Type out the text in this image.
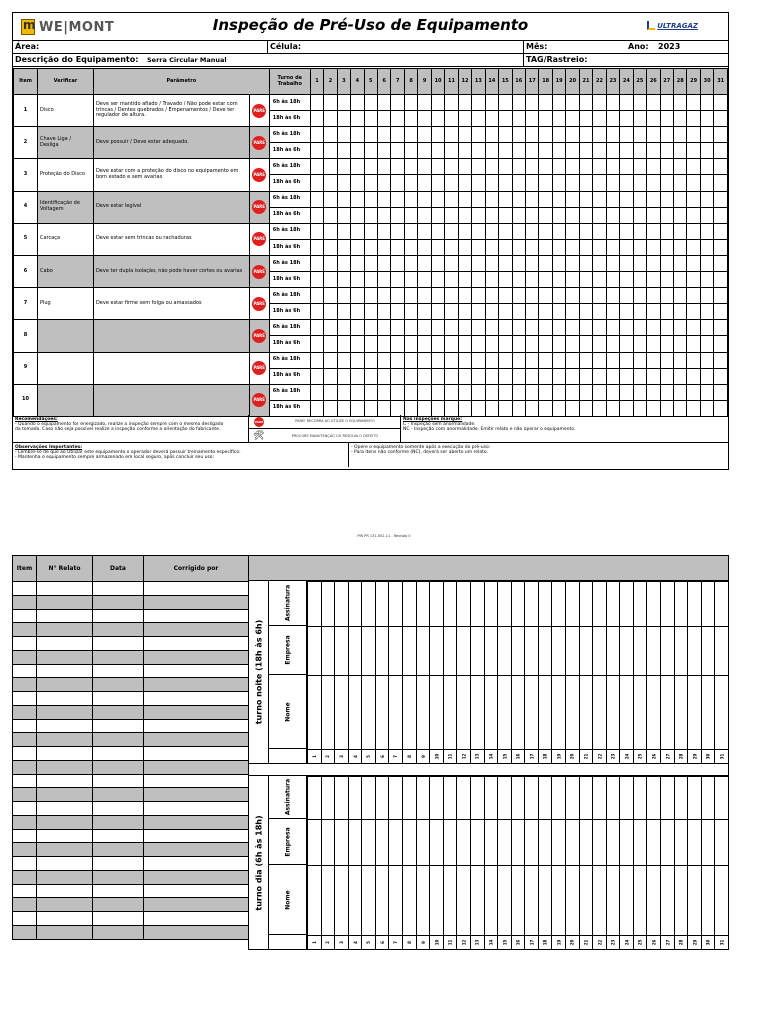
m
WE|MONT	Inspeção de Pré-Uso de Equipamento	ULTRAGAZ
Área:	Célula:	Mês:	Ano: 2023
Descrição do Equipamento:	Serra Circular Manual	TAG/Rastreio:
Item	Verificar	Parâmetro		Turno de Trabalho	1	2	3	4	5	6	7	8	9	10	11	12	13	14	15	16	17	18	19	20	21	22	23	24	25	26	27	28	29	30	31
1	Disco	Deve ser mantido afiado / Travado / Não pode estar com trincas / Dentes quebrados / Empenamentos / Deve ter regulador de altura.	PARE	6h às 18h																															
				18h às 6h																															
2	Chave Liga / Desliga	Deve possuir / Deve estar adequado.	PARE	6h às 18h																															
				18h às 6h																															
3	Proteção do Disco	Deve estar com a proteção do disco no equipamento em bom estado e sem avarias	PARE	6h às 18h																															
				18h às 6h																															
4	Identificação de Voltagem	Deve estar legível	PARE	6h às 18h																															
				18h às 6h																															
5	Carcaça	Deve estar sem trincas ou rachaduras	PARE	6h às 18h																															
				18h às 6h																															
6	Cabo	Deve ter dupla isolação, não pode haver cortes ou avarias	PARE	6h às 18h																															
				18h às 6h																															
7	Plug	Deve estar firme sem folga ou amassados	PARE	6h às 18h																															
				18h às 6h																															
8			PARE	6h às 18h																															
				18h às 6h																															
9			PARE	6h às 18h																															
				18h às 6h																															
10			PARE	6h às 18h																															
				18h às 6h																															
Recomendações:
- Quando o equipamento for energizado, realize a inspeção sempre com o mesmo desligado
da tomada. Caso não seja possível realize a inspeção conforme a orientação do fabricante.
PARE	PARE! RECORRA AO UTILIZE O EQUIPAMENTO
🛠	PROCURE MANUTENÇÃO OU RESOLVA O DEFEITO
Nas inspeções marque:
C - Inspeção sem anormalidade.
NC - Inspeção com anormalidade. Emitir relato e não operar o equipamento.
Observações Importantes:
- Lembre-se de que ao Utilizar este equipamento o operador deverá possuir treinamento específico:
- Mantenha o equipamento sempre armazenado em local seguro, após concluir seu uso:
- Opere o equipamento somente após a execução do pré-uso:
- Para itens não conforme (NC), deverá ser aberto um relato.
PIN PR 131-002-11 - Revisão 0
Item	N° Relato	Data	Corrigido por

turno noite (18h às 6h)
Assinatura
Empresa
Nome

1	2	3	4	5	6	7	8	9	10	11	12	13	14	15	16	17	18	19	20	21	22	23	24	25	26	27	28	29	30	31
turno dia (6h às 18h)
Assinatura
Empresa
Nome

1	2	3	4	5	6	7	8	9	10	11	12	13	14	15	16	17	18	19	20	21	22	23	24	25	26	27	28	29	30	31
